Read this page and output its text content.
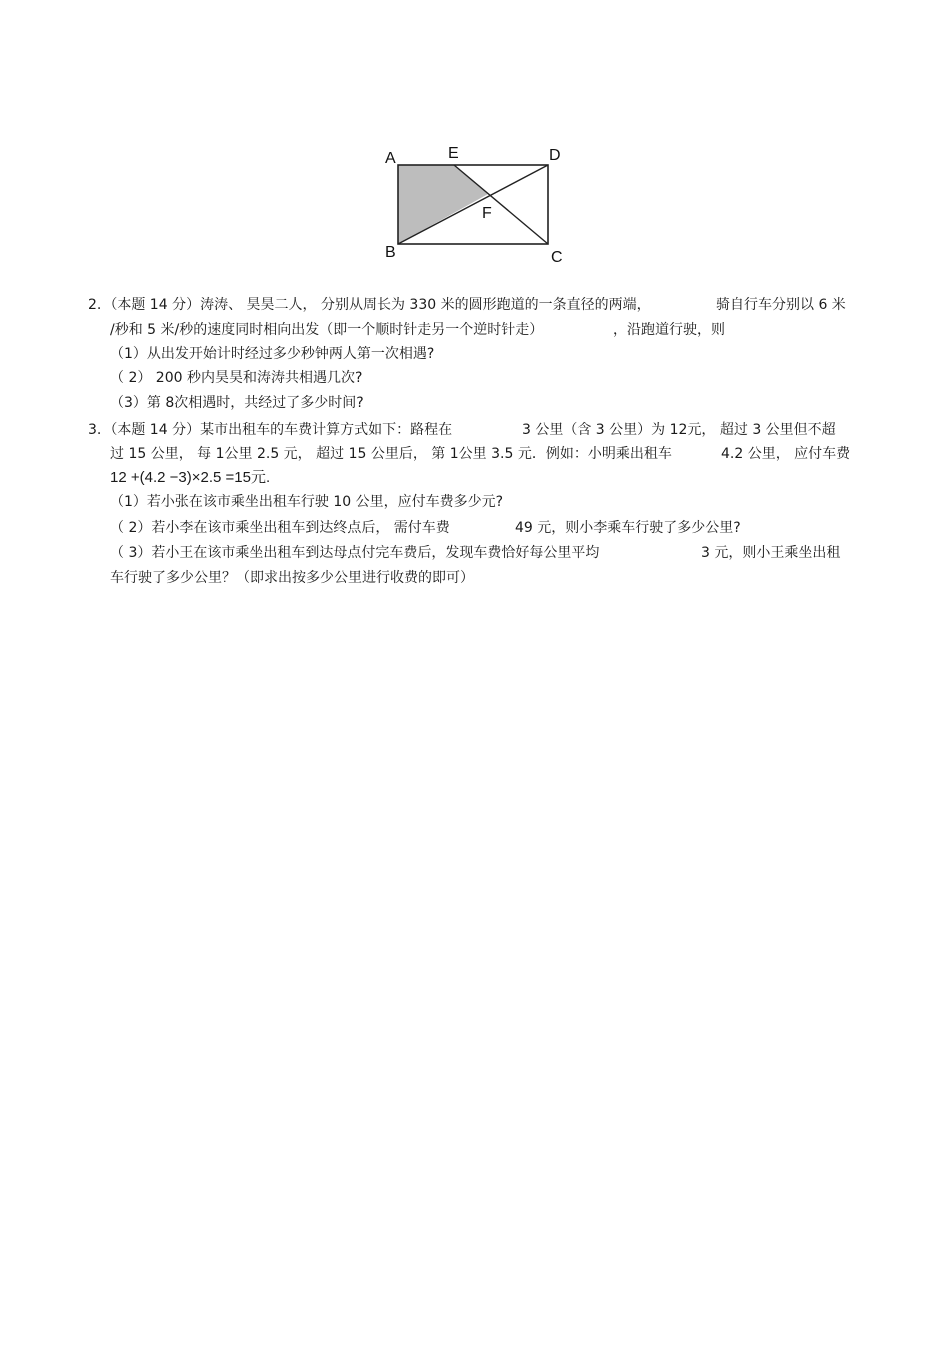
A	E	D
F
B	C
2. （本题 14 分）涛涛、 昊昊二人， 分别从周长为 330 米的圆形跑道的一条直径的两端，	骑自行车分别以 6 米
/秒和 5 米/秒的速度同时相向出发（即一个顺时针走另一个逆时针走）	，沿跑道行驶，则
（1）从出发开始计时经过多少秒钟两人第一次相遇?
（ 2） 200 秒内昊昊和涛涛共相遇几次?
（3）第 8次相遇时，共经过了多少时间?
3. （本题 14 分）某市出租车的车费计算方式如下：路程在	3 公里（含 3 公里）为 12元， 超过 3 公里但不超
过 15 公里， 每 1公里 2.5 元， 超过 15 公里后， 第 1公里 3.5 元．例如：小明乘出租车	4.2 公里， 应付车费
12 +(4.2 −3)×2.5 =15元.
（1）若小张在该市乘坐出租车行驶 10 公里，应付车费多少元?
（ 2）若小李在该市乘坐出租车到达终点后， 需付车费	49 元，则小李乘车行驶了多少公里?
（ 3）若小王在该市乘坐出租车到达母点付完车费后，发现车费恰好每公里平均	3 元，则小王乘坐出租
车行驶了多少公里？（即求出按多少公里进行收费的即可）
